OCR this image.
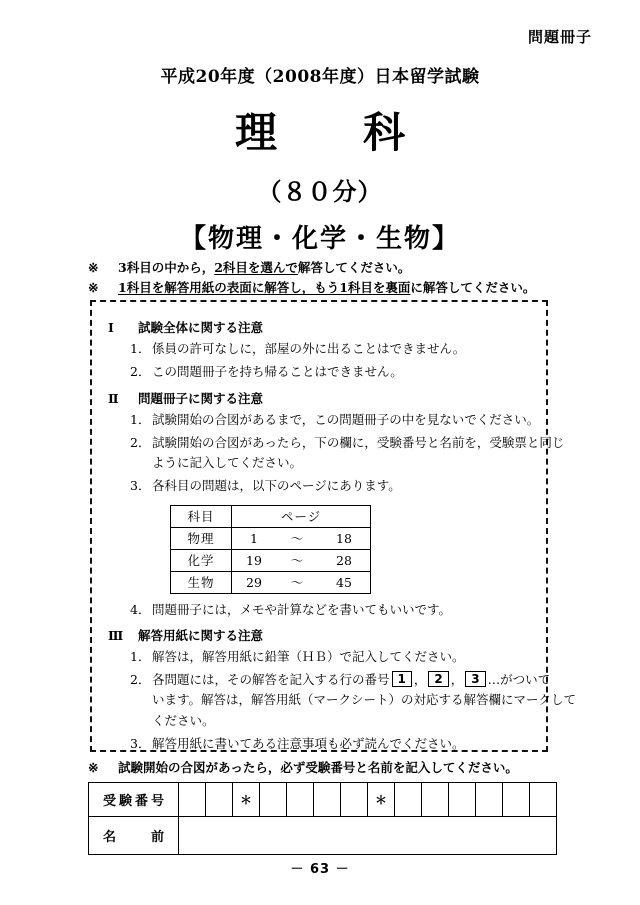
問題冊子
平成20年度（2008年度）日本留学試験
理　科
（８０分）
【物理・化学・生物】
※ 3科目の中から，2科目を選んで解答してください。
※ 1科目を解答用紙の表面に解答し，もう1科目を裏面に解答してください。
Ⅰ 試験全体に関する注意
1． 係員の許可なしに，部屋の外に出ることはできません。
2． この問題冊子を持ち帰ることはできません。
Ⅱ 問題冊子に関する注意
1． 試験開始の合図があるまで，この問題冊子の中を見ないでください。
2． 試験開始の合図があったら，下の欄に，受験番号と名前を，受験票と同じ
ように記入してください。
3． 各科目の問題は，以下のページにあります。
科目	ページ		
物理	1	～	18
化学	19	～	28
生物	29	～	45
4． 問題冊子には，メモや計算などを書いてもいいです。
Ⅲ 解答用紙に関する注意
1． 解答は，解答用紙に鉛筆（ＨＢ）で記入してください。
2． 各問題には，その解答を記入する行の番号 1 ， 2 ， 3 …がついて
います。解答は，解答用紙（マークシート）の対応する解答欄にマークして
ください。
3． 解答用紙に書いてある注意事項も必ず読んでください。
※ 試験開始の合図があったら，必ず受験番号と名前を記入してください。
受験番号			＊					＊						
名　　前														
－ 63 －
